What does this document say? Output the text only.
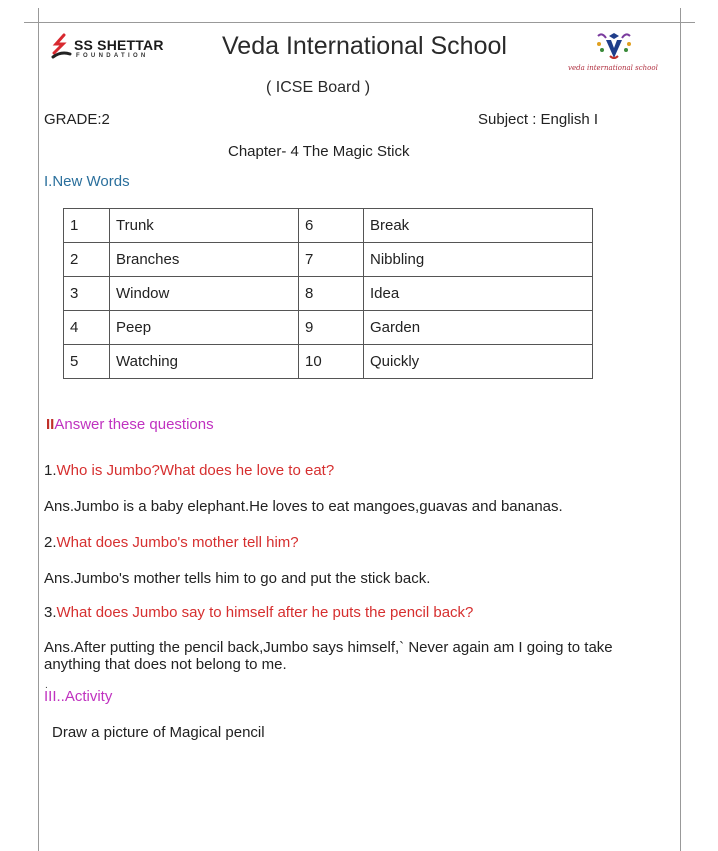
SS SHETTAR
FOUNDATION	Veda International School
veda international school
( ICSE Board )
GRADE:2	Subject : English I
Chapter- 4 The Magic Stick
I.New Words
1	Trunk	6	Break
2	Branches	7	Nibbling
3	Window	8	Idea
4	Peep	9	Garden
5	Watching	10	Quickly
IIAnswer these questions
1.Who is Jumbo?What does he love to eat?
Ans.Jumbo is a baby elephant.He loves to eat mangoes,guavas and bananas.
2.What does Jumbo's mother tell him?
Ans.Jumbo's mother tells him to go and put the stick back.
3.What does Jumbo say to himself after he puts the pencil back?
Ans.After putting the pencil back,Jumbo says himself,` Never again am I going to take anything that does not belong to me.
.
III..Activity
Draw a picture of Magical pencil
